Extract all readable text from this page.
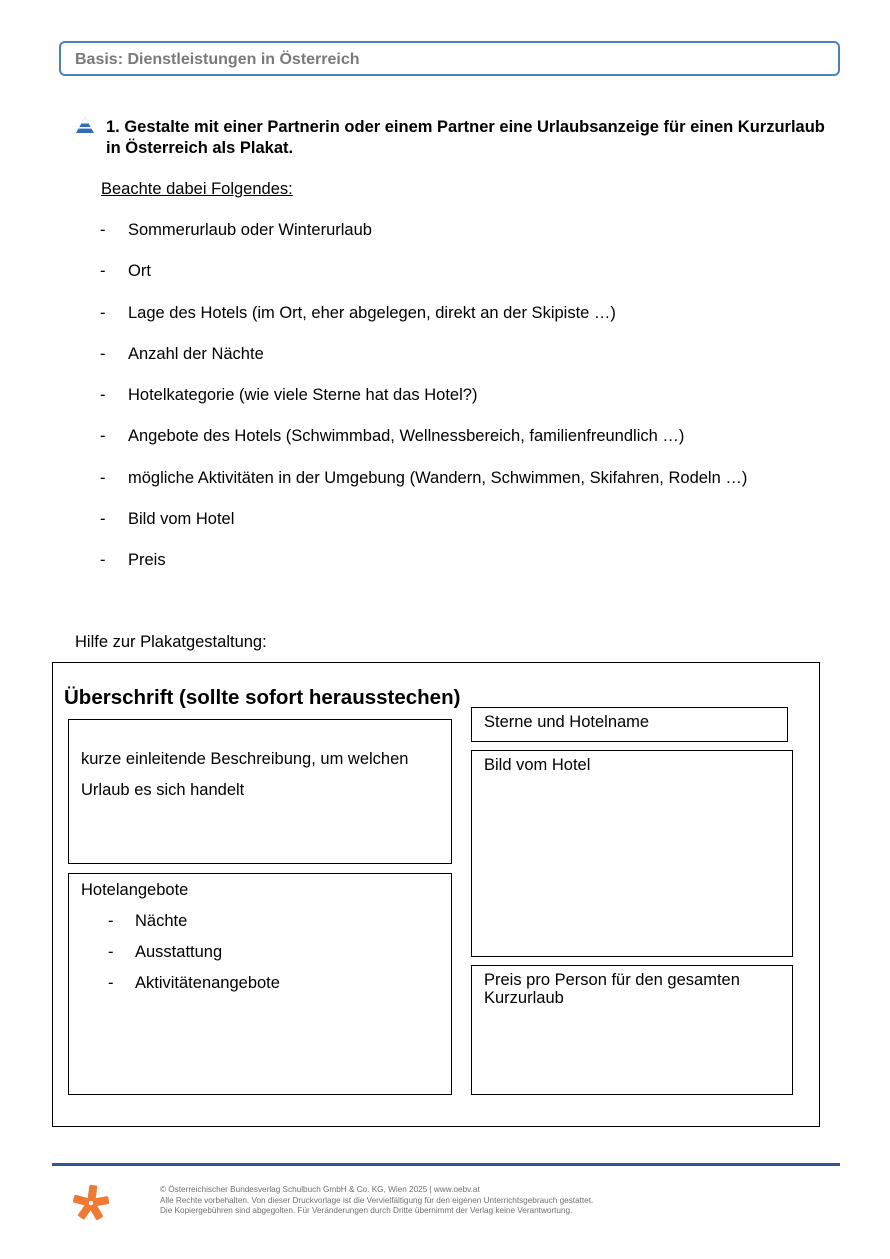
Basis: Dienstleistungen in Österreich
1. Gestalte mit einer Partnerin oder einem Partner eine Urlaubsanzeige für einen Kurzurlaub in Österreich als Plakat.
Beachte dabei Folgendes:
- Sommerurlaub oder Winterurlaub
- Ort
- Lage des Hotels (im Ort, eher abgelegen, direkt an der Skipiste …)
- Anzahl der Nächte
- Hotelkategorie (wie viele Sterne hat das Hotel?)
- Angebote des Hotels (Schwimmbad, Wellnessbereich, familienfreundlich …)
- mögliche Aktivitäten in der Umgebung (Wandern, Schwimmen, Skifahren, Rodeln …)
- Bild vom Hotel
- Preis
Hilfe zur Plakatgestaltung:
Überschrift (sollte sofort herausstechen)
kurze einleitende Beschreibung, um welchen Urlaub es sich handelt
Hotelangebote
- Nächte
- Ausstattung
- Aktivitätenangebote
Sterne und Hotelname
Bild vom Hotel
Preis pro Person für den gesamten Kurzurlaub
© Österreichischer Bundesverlag Schulbuch GmbH & Co. KG, Wien 2025 | www.oebv.at
Alle Rechte vorbehalten. Von dieser Druckvorlage ist die Vervielfältigung für den eigenen Unterrichtsgebrauch gestattet.
Die Kopiergebühren sind abgegolten. Für Veränderungen durch Dritte übernimmt der Verlag keine Verantwortung.
